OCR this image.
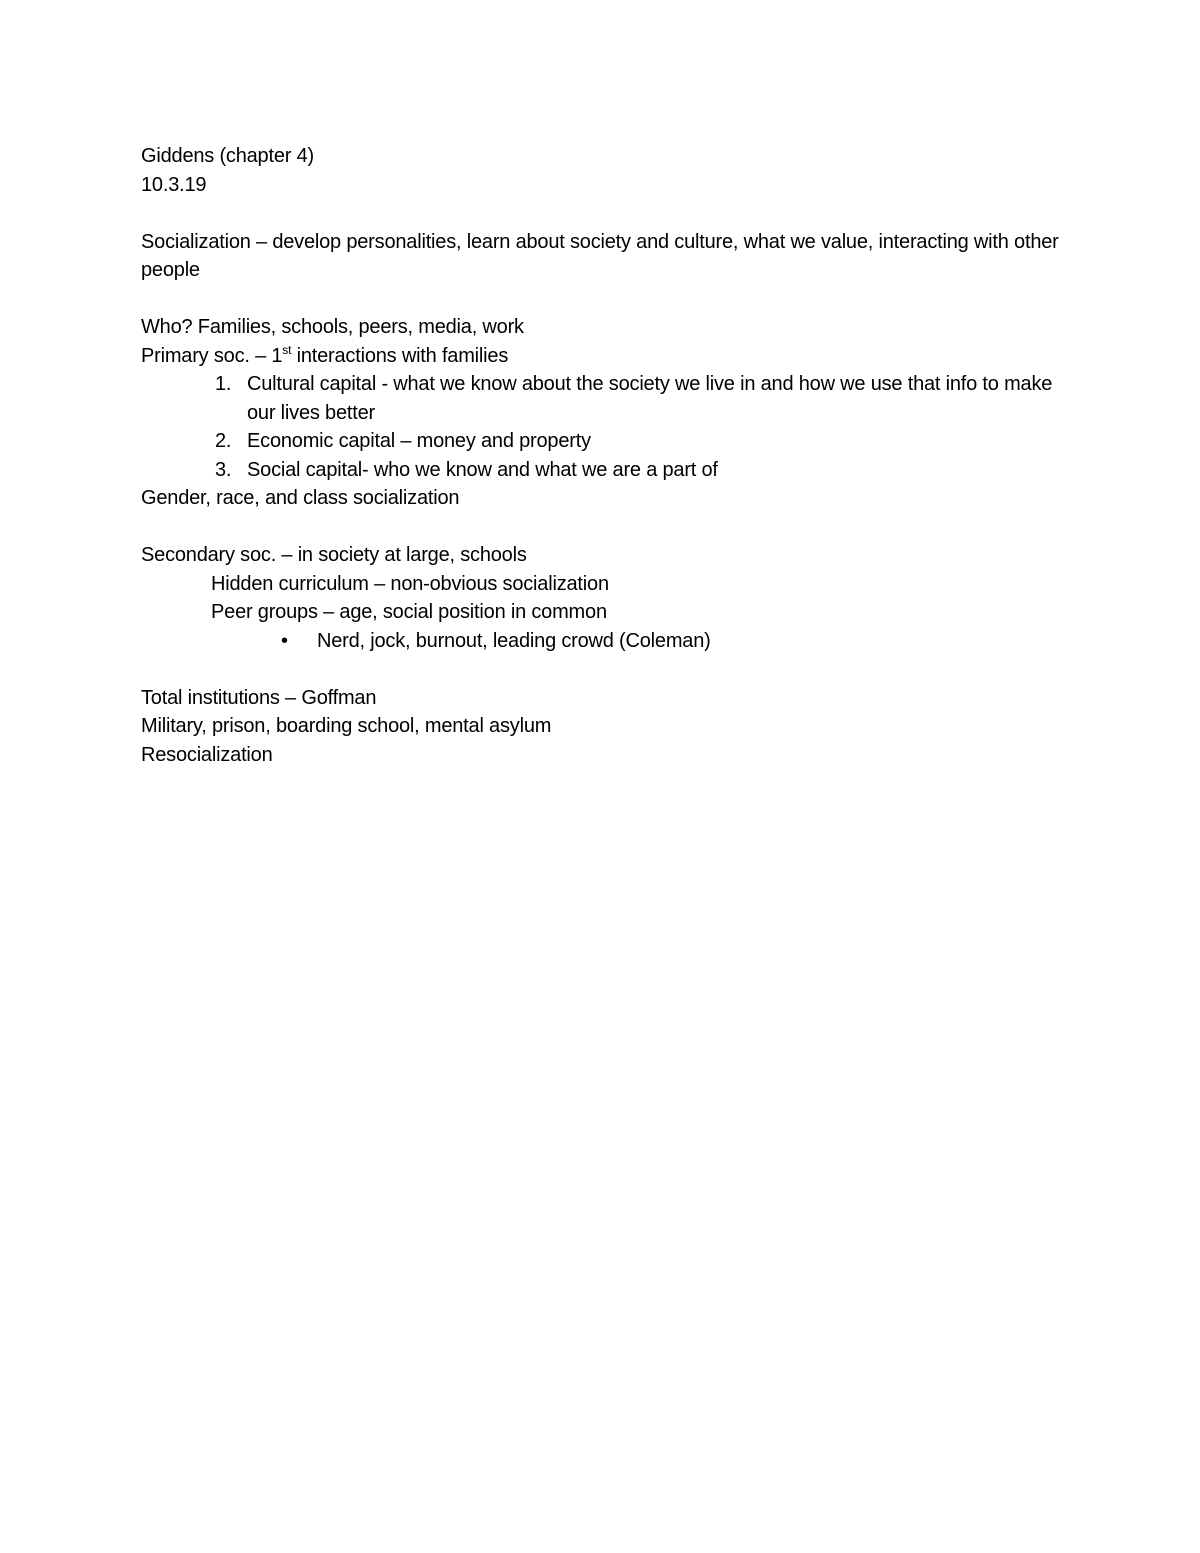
Giddens (chapter 4)

10.3.19

Socialization – develop personalities, learn about society and culture, what we value, interacting with other people

Who? Families, schools, peers, media, work

Primary soc. – 1st interactions with families

1. Cultural capital - what we know about the society we live in and how we use that info to make our lives better
2. Economic capital – money and property
3. Social capital- who we know and what we are a part of

Gender, race, and class socialization

Secondary soc. – in society at large, schools

Hidden curriculum – non-obvious socialization

Peer groups – age, social position in common

• Nerd, jock, burnout, leading crowd (Coleman)

Total institutions – Goffman

Military, prison, boarding school, mental asylum

Resocialization
